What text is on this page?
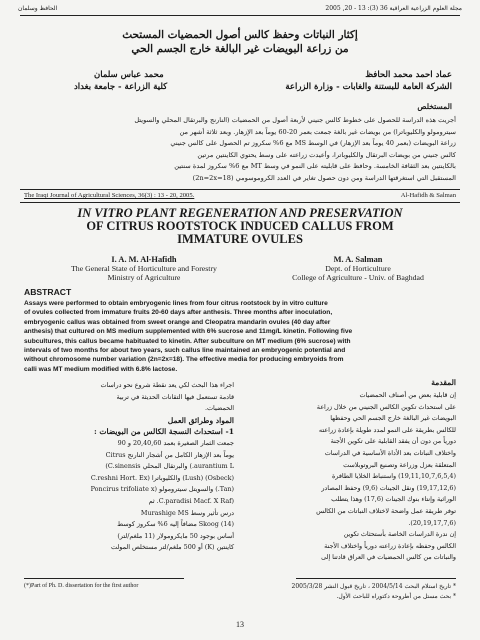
الحافظ وسلمان	مجلة العلوم الزراعية العراقية 36 (3): 13 - 20, 2005
إكثار النباتات وحفظ كالس أصول الحمضيات المستحث
من زراعة البويضات غير البالغة خارج الجسم الحي
عماد احمد محمد الحافظ
الشركة العامة للبستنة والغابات - وزارة الزراعة
محمد عباس سلمان
كلية الزراعة - جامعة بغداد
المستخلص
أجريت هذه الدراسة للحصول على خطوط كالس جنيني لأربعة أصول من الحمضيات (النارنج والبرتقال المحلي والسويتل
سيترومولو والكليوباترا) من بويضات غير بالغة جمعت بعمر 20-60 يوماً بعد الإزهار. وبعد ثلاثة أشهر من
زراعة البويضات (بعمر 40 يوماً بعد الإزهار) في الوسط MS مع 6% سكروز تم الحصول على كالس جنيني
كالس جنيني من بويضات البرتقال والكليوباترا، وأعيدت زراعته على وسط يحتوي الكاينتين مرتين
بالكاينتين بعد الثقافة الخامسة. وحافظ على قابليته على النمو في وسط MT مع 6% سكروز لمدة سنتين
المستقبل التي استغرقتها الدراسة ومن دون حصول تغاير في العدد الكروموسومي (2n=2x=18)
The Iraqi Journal of Agricultural Sciences, 36(3) : 13 - 20, 2005.	Al-Hafidh & Salman
IN VITRO PLANT REGENERATION AND PRESERVATION
OF CITRUS ROOTSTOCK INDUCED CALLUS FROM
IMMATURE OVULES
I. A. M. Al-Hafidh
The General State of Horticulture and Forestry
Ministry of Agriculture
M. A. Salman
Dept. of Horticulture
College of Agriculture - Univ. of Baghdad
ABSTRACT
Assays were performed to obtain embryogenic lines from four citrus rootstock by in vitro culture
of ovules collected from immature fruits 20-60 days after anthesis. Three months after inoculation,
embryogenic callus was obtained from sweet orange and Cleopatra mandarin ovules (40 day after
anthesis) that cultured on MS medium supplemented with 6% sucrose and 11mg/L kinetin. Following five
subcultures, this callus became habituated to kinetin. After subculture on MT medium (6% sucrose) with
intervals of two months for about two years, such callus line maintained an embryogenic potential and
without chromosome number variation (2n=2x=18). The effective media for producing embryoids from
calli was MT medium modified with 6.8% lactose.
المقدمة
إن قابلية بعض من أصناف الحمضيات
على استحداث تكوين الكالس الجنيني من خلال زراعة
البويضات غير البالغة خارج الجسم الحي وحفظها
للكالس بطريقة على النمو لمدد طويلة بإعادة زراعته
دورياً من دون أن يفقد القابلية على تكوين الأجنة
واختلاف النباتات بعد الأداة الأساسية في الدراسات
المتعلقة بعزل وزراعة وتصنيع البروتوبلاست
(19,11,10,7,6,5,4) واستنباط الخلايا الطافرة
(19,17,12,6) ونقل الجينات (9,6) وحفظ المصادر
الوراثية وإنتاء بنوك الجينات (17,6) وهذا يتطلب
توفر طريقة عمل واضحة لاختلاف النباتات من الكالس
(20,19,17,7,6).
إن ندرة الدراسات الخاصة بأستحثاث تكوين
الكالس وحفظه بإعادة زراعته دورياً واختلاف الأجنة
والنباتات من كالس الحمضيات في العراق قادتنا إلى
اجراء هذا البحث لكي يعد نقطة شروع نحو دراسات
قادمة تستعمل فيها التقانات الحديثة في تربية
الحمضيات.
المواد وطرائق العمل
1- استحداث النسجة الكالس من البويضات :
جمعت الثمار الصغيرة بعمد 20,40,60 و 90
يوماً بعد الإزهار الكامل من أشجار النارنج Citrus
aurantium L.) والبرتقال المحلي C.sinensis)
(Osbeck) (Lush) والكليوباترا (C.reshni Hort. Ex
(Tan.) والسويتل سيترومولو (Poncirus trifoliate x
(C.paradisi Macf. X Raf. ثم
درس تأثير وسط Murashige MS
(14) Skoog مضافاً إليه 6% سكروز كوسط
أساس بوجود 50 مايكرومولار (11 ملغم/لتر)
كاينتين (K) أو 500 ملغم/لتر مستخلص المولت
(*)Part of Ph. D. dissertation for the first author	* تاريخ استلام البحث 2004/5/14 ، تاريخ قبول النشر 2005/3/28
* بحث مستل من أطروحة دكتوراه للباحث الأول.
13
